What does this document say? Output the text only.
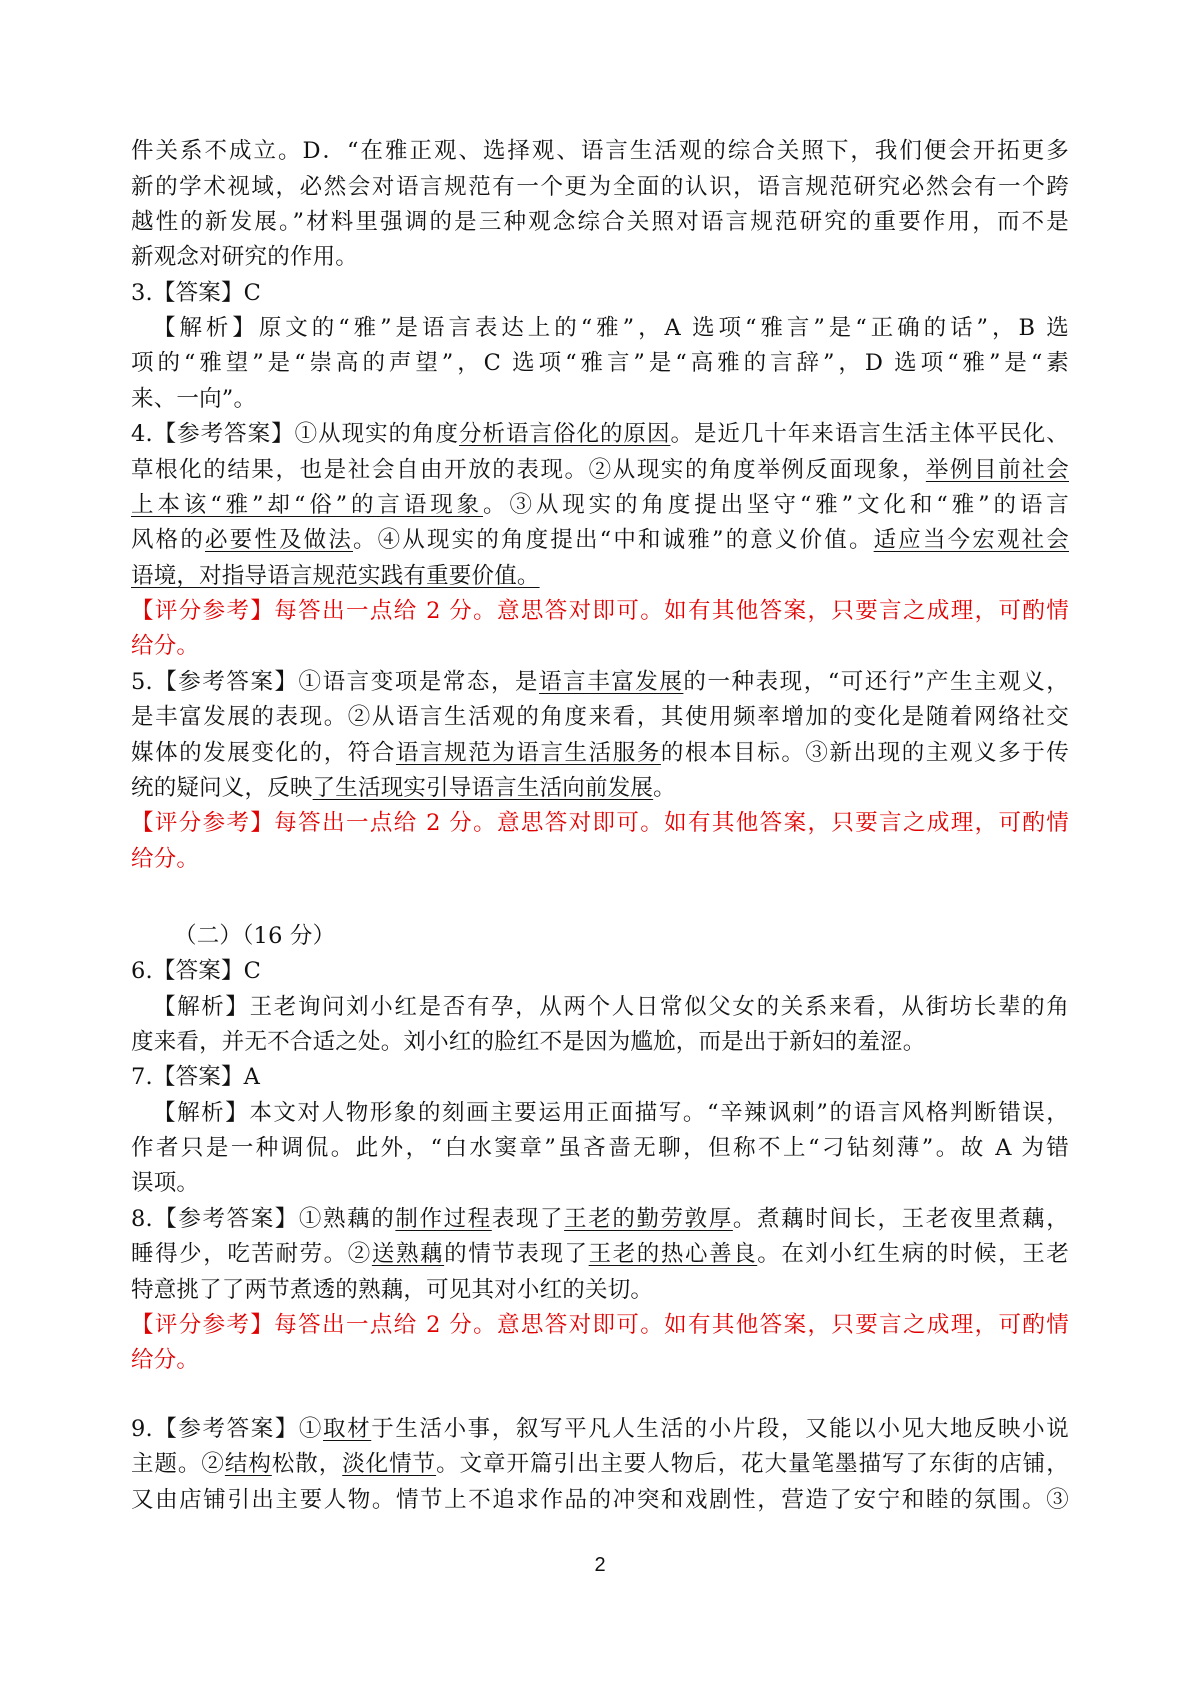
件关系不成立。D．“在雅正观、选择观、语言生活观的综合关照下，我们便会开拓更多
新的学术视域，必然会对语言规范有一个更为全面的认识，语言规范研究必然会有一个跨
越性的新发展。”材料里强调的是三种观念综合关照对语言规范研究的重要作用，而不是
新观念对研究的作用。
3.【答案】C
【解析】原文的“雅”是语言表达上的“雅”，A 选项“雅言”是“正确的话”，B 选
项的“雅望”是“崇高的声望”，C 选项“雅言”是“高雅的言辞”，D 选项“雅”是“素
来、一向”。
4.【参考答案】①从现实的角度分析语言俗化的原因。是近几十年来语言生活主体平民化、
草根化的结果，也是社会自由开放的表现。②从现实的角度举例反面现象，举例目前社会
上本该“雅”却“俗”的言语现象。③从现实的角度提出坚守“雅”文化和“雅”的语言
风格的必要性及做法。④从现实的角度提出“中和诚雅”的意义价值。适应当今宏观社会
语境，对指导语言规范实践有重要价值。
【评分参考】每答出一点给 2 分。意思答对即可。如有其他答案，只要言之成理，可酌情
给分。
5.【参考答案】①语言变项是常态，是语言丰富发展的一种表现，“可还行”产生主观义，
是丰富发展的表现。②从语言生活观的角度来看，其使用频率增加的变化是随着网络社交
媒体的发展变化的，符合语言规范为语言生活服务的根本目标。③新出现的主观义多于传
统的疑问义，反映了生活现实引导语言生活向前发展。
【评分参考】每答出一点给 2 分。意思答对即可。如有其他答案，只要言之成理，可酌情
给分。
（二）（16 分）
6.【答案】C
【解析】王老询问刘小红是否有孕，从两个人日常似父女的关系来看，从街坊长辈的角
度来看，并无不合适之处。刘小红的脸红不是因为尴尬，而是出于新妇的羞涩。
7.【答案】A
【解析】本文对人物形象的刻画主要运用正面描写。“辛辣讽刺”的语言风格判断错误，
作者只是一种调侃。此外，“白水窦章”虽吝啬无聊，但称不上“刁钻刻薄”。故 A 为错
误项。
8.【参考答案】①熟藕的制作过程表现了王老的勤劳敦厚。煮藕时间长，王老夜里煮藕，
睡得少，吃苦耐劳。②送熟藕的情节表现了王老的热心善良。在刘小红生病的时候，王老
特意挑了了两节煮透的熟藕，可见其对小红的关切。
【评分参考】每答出一点给 2 分。意思答对即可。如有其他答案，只要言之成理，可酌情
给分。
9.【参考答案】①取材于生活小事，叙写平凡人生活的小片段，又能以小见大地反映小说
主题。②结构松散，淡化情节。文章开篇引出主要人物后，花大量笔墨描写了东街的店铺，
又由店铺引出主要人物。情节上不追求作品的冲突和戏剧性，营造了安宁和睦的氛围。③
2
